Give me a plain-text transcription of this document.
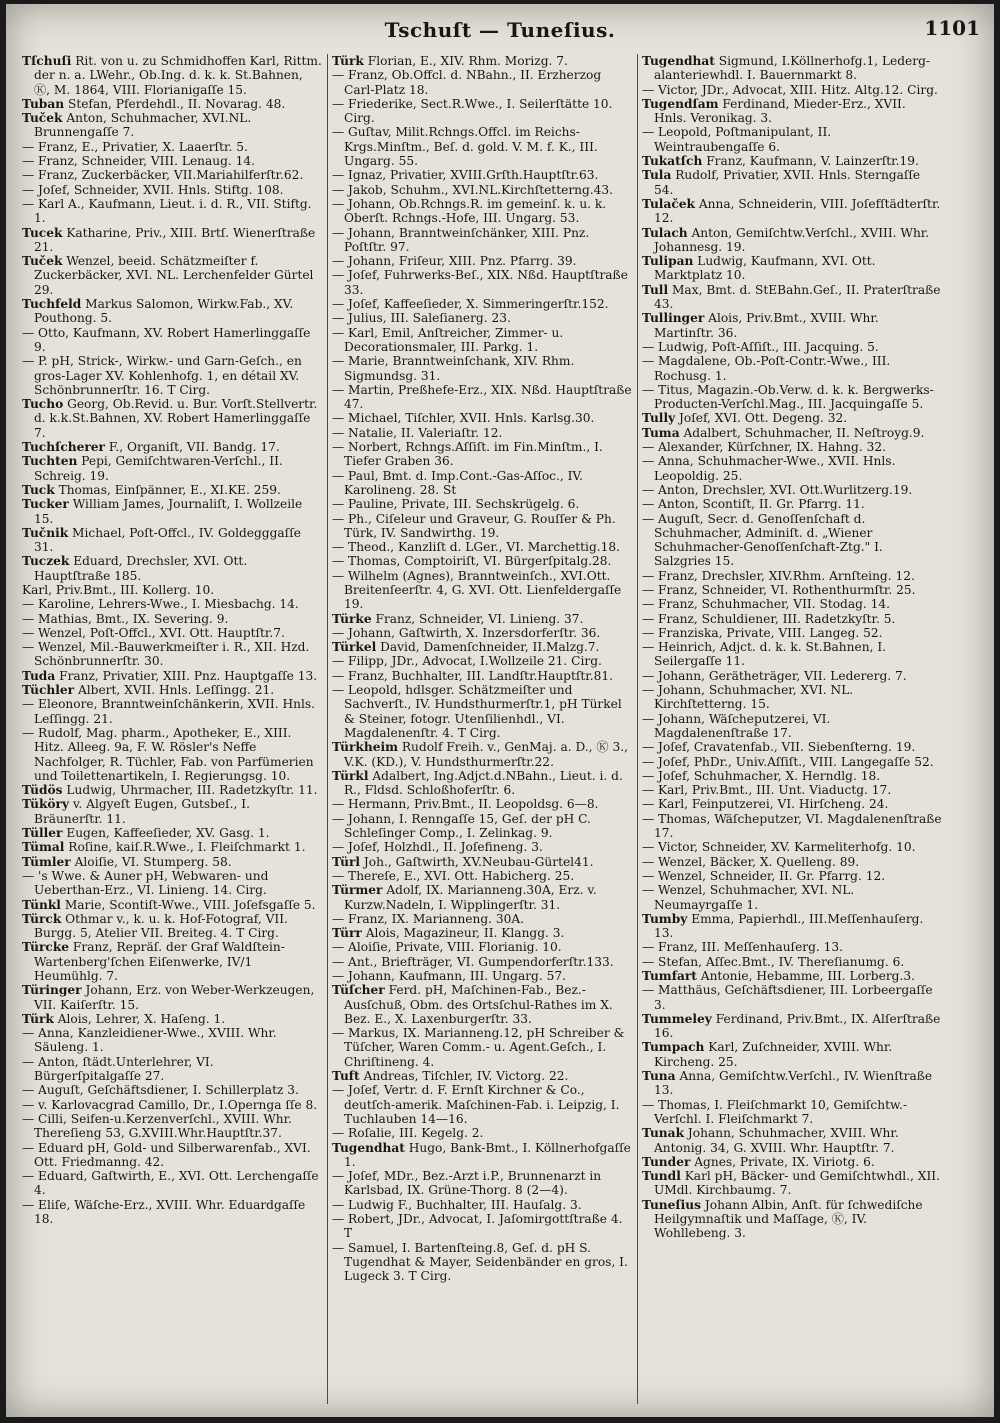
Tschuſt — Tuneſius.	1101

Tſchuſi Rit. von u. zu Schmidhoffen Karl, Rittm. der n. a. LWehr., Ob.Ing. d. k. k. St.Bahnen, Ⓚ, M. 1864, VIII. Florianigaſſe 15.

Tuban Stefan, Pferdehdl., II. Novarag. 48.

Tuček Anton, Schuhmacher, XVI.NL. Brunnengaſſe 7.

— Franz, E., Privatier, X. Laaerſtr. 5.

— Franz, Schneider, VIII. Lenaug. 14.

— Franz, Zuckerbäcker, VII.Mariahilferſtr.62.

— Joſef, Schneider, XVII. Hnls. Stiftg. 108.

— Karl A., Kaufmann, Lieut. i. d. R., VII. Stiftg. 1.

Tucek Katharine, Priv., XIII. Brtſ. Wienerſtraße 21.

Tuček Wenzel, beeid. Schätzmeiſter f. Zuckerbäcker, XVI. NL. Lerchenfelder Gürtel 29.

Tuchfeld Markus Salomon, Wirkw.Fab., XV. Pouthong. 5.

— Otto, Kaufmann, XV. Robert Hamerlinggaſſe 9.

— P. pH, Strick-, Wirkw.- und Garn-Geſch., en gros-Lager XV. Kohlenhofg. 1, en détail XV. Schönbrunnerſtr. 16. T Cirg.

Tucho Georg, Ob.Revid. u. Bur. Vorſt.Stellvertr. d. k.k.St.Bahnen, XV. Robert Hamerlinggaſſe 7.

Tuchſcherer F., Organiſt, VII. Bandg. 17.

Tuchten Pepi, Gemiſchtwaren-Verſchl., II. Schreig. 19.

Tuck Thomas, Einſpänner, E., XI.KE. 259.

Tucker William James, Journaliſt, I. Wollzeile 15.

Tučnik Michael, Poſt-Offcl., IV. Goldegggaſſe 31.

Tuczek Eduard, Drechsler, XVI. Ott. Hauptſtraße 185.

Karl, Priv.Bmt., III. Kollerg. 10.

— Karoline, Lehrers-Wwe., I. Miesbachg. 14.

— Mathias, Bmt., IX. Severing. 9.

— Wenzel, Poſt-Offcl., XVI. Ott. Hauptſtr.7.

— Wenzel, Mil.-Bauwerkmeiſter i. R., XII. Hzd. Schönbrunnerſtr. 30.

Tuda Franz, Privatier, XIII. Pnz. Hauptgaſſe 13.

Tüchler Albert, XVII. Hnls. Leſſingg. 21.

— Eleonore, Branntweinſchänkerin, XVII. Hnls. Leſſingg. 21.

— Rudolf, Mag. pharm., Apotheker, E., XIII. Hitz. Alleeg. 9a, F. W. Rösler's Neffe Nachfolger, R. Tüchler, Fab. von Parfümerien und Toilettenartikeln, I. Regierungsg. 10.

Tüdös Ludwig, Uhrmacher, III. Radetzkyſtr. 11.

Tüköry v. Algyeſt Eugen, Gutsbeſ., I. Bräunerſtr. 11.

Tüller Eugen, Kaffeeſieder, XV. Gasg. 1.

Tümal Roſine, kaiſ.R.Wwe., I. Fleiſchmarkt 1.

Tümler Aloiſie, VI. Stumperg. 58.

— 's Wwe. & Auner pH, Webwaren- und Ueberthan-Erz., VI. Linieng. 14. Cirg.

Tünkl Marie, Scontiſt-Wwe., VIII. Joſefsgaſſe 5.

Türck Othmar v., k. u. k. Hof-Fotograf, VII. Burgg. 5, Atelier VII. Breiteg. 4. T Cirg.

Türcke Franz, Repräſ. der Graf Waldſtein-Wartenberg'ſchen Eiſenwerke, IV/1 Heumühlg. 7.

Türinger Johann, Erz. von Weber-Werkzeugen, VII. Kaiſerſtr. 15.

Türk Alois, Lehrer, X. Haſeng. 1.

— Anna, Kanzleidiener-Wwe., XVIII. Whr. Säuleng. 1.

— Anton, ſtädt.Unterlehrer, VI. Bürgerſpitalgaſſe 27.

— Auguſt, Geſchäftsdiener, I. Schillerplatz 3.

— v. Karlovacgrad Camillo, Dr., I.Opernga ſſe 8.

— Cilli, Seifen-u.Kerzenverſchl., XVIII. Whr. Thereſieng 53, G.XVIII.Whr.Hauptſtr.37.

— Eduard pH, Gold- und Silberwarenfab., XVI. Ott. Friedmanng. 42.

— Eduard, Gaſtwirth, E., XVI. Ott. Lerchengaſſe 4.

— Eliſe, Wäſche-Erz., XVIII. Whr. Eduardgaſſe 18.

Türk Florian, E., XIV. Rhm. Morizg. 7.

— Franz, Ob.Offcl. d. NBahn., II. Erzherzog Carl-Platz 18.

— Friederike, Sect.R.Wwe., I. Seilerſtätte 10. Cirg.

— Guſtav, Milit.Rchngs.Offcl. im Reichs-Krgs.Minſtm., Beſ. d. gold. V. M. f. K., III. Ungarg. 55.

— Ignaz, Privatier, XVIII.Grſth.Hauptſtr.63.

— Jakob, Schuhm., XVI.NL.Kirchſtetterng.43.

— Johann, Ob.Rchngs.R. im gemeinſ. k. u. k. Oberſt. Rchngs.-Hofe, III. Ungarg. 53.

— Johann, Branntweinſchänker, XIII. Pnz. Poſtſtr. 97.

— Johann, Friſeur, XIII. Pnz. Pfarrg. 39.

— Joſef, Fuhrwerks-Beſ., XIX. Nßd. Hauptſtraße 33.

— Joſef, Kaffeeſieder, X. Simmeringerſtr.152.

— Julius, III. Saleſianerg. 23.

— Karl, Emil, Anſtreicher, Zimmer- u. Decorationsmaler, III. Parkg. 1.

— Marie, Branntweinſchank, XIV. Rhm. Sigmundsg. 31.

— Martin, Preßhefe-Erz., XIX. Nßd. Hauptſtraße 47.

— Michael, Tiſchler, XVII. Hnls. Karlsg.30.

— Natalie, II. Valeriaſtr. 12.

— Norbert, Rchngs.Aſſiſt. im Fin.Minſtm., I. Tiefer Graben 36.

— Paul, Bmt. d. Imp.Cont.-Gas-Aſſoc., IV. Karolineng. 28. St

— Pauline, Private, III. Sechskrügelg. 6.

— Ph., Ciſeleur und Graveur, G. Rouſſer & Ph. Türk, IV. Sandwirthg. 19.

— Theod., Kanzliſt d. LGer., VI. Marchettig.18.

— Thomas, Comptoiriſt, VI. Bürgerſpitalg.28.

— Wilhelm (Agnes), Branntweinſch., XVI.Ott. Breitenſeerſtr. 4, G. XVI. Ott. Lienfeldergaſſe 19.

Türke Franz, Schneider, VI. Linieng. 37.

— Johann, Gaſtwirth, X. Inzersdorferſtr. 36.

Türkel David, Damenſchneider, II.Malzg.7.

— Filipp, JDr., Advocat, I.Wollzeile 21. Cirg.

— Franz, Buchhalter, III. Landſtr.Hauptſtr.81.

— Leopold, hdlsger. Schätzmeiſter und Sachverſt., IV. Hundsthurmerſtr.1, pH Türkel & Steiner, fotogr. Utenſilienhdl., VI. Magdalenenſtr. 4. T Cirg.

Türkheim Rudolf Freih. v., GenMaj. a. D., Ⓚ 3., V.K. (KD.), V. Hundsthurmerſtr.22.

Türkl Adalbert, Ing.Adjct.d.NBahn., Lieut. i. d. R., Fldsd. Schloßhoferſtr. 6.

— Hermann, Priv.Bmt., II. Leopoldsg. 6—8.

— Johann, I. Renngaſſe 15, Geſ. der pH C. Schleſinger Comp., I. Zelinkag. 9.

— Joſef, Holzhdl., II. Joſefineng. 3.

Türl Joh., Gaſtwirth, XV.Neubau-Gürtel41.

— Thereſe, E., XVI. Ott. Habicherg. 25.

Türmer Adolf, IX. Marianneng.30A, Erz. v. Kurzw.Nadeln, I. Wipplingerſtr. 31.

— Franz, IX. Marianneng. 30A.

Türr Alois, Magazineur, II. Klangg. 3.

— Aloiſie, Private, VIII. Florianig. 10.

— Ant., Briefträger, VI. Gumpendorferſtr.133.

— Johann, Kaufmann, III. Ungarg. 57.

Tüſcher Ferd. pH, Maſchinen-Fab., Bez.-Ausſchuß, Obm. des Ortsſchul-Rathes im X. Bez. E., X. Laxenburgerſtr. 33.

— Markus, IX. Marianneng.12, pH Schreiber & Tüſcher, Waren Comm.- u. Agent.Geſch., I. Chriſtineng. 4.

Tuft Andreas, Tiſchler, IV. Victorg. 22.

— Joſef, Vertr. d. F. Ernſt Kirchner & Co., deutſch-amerik. Maſchinen-Fab. i. Leipzig, I. Tuchlauben 14—16.

— Roſalie, III. Kegelg. 2.

Tugendhat Hugo, Bank-Bmt., I. Köllnerhofgaſſe 1.

— Joſef, MDr., Bez.-Arzt i.P., Brunnenarzt in Karlsbad, IX. Grüne-Thorg. 8 (2—4).

— Ludwig F., Buchhalter, III. Hauſalg. 3.

— Robert, JDr., Advocat, I. Jaſomirgottſtraße 4. T

— Samuel, I. Bartenſteing.8, Geſ. d. pH S. Tugendhat & Mayer, Seidenbänder en gros, I. Lugeck 3. T Cirg.

Tugendhat Sigmund, I.Köllnerhofg.1, Ledergalanteriewhdl. I. Bauernmarkt 8.

— Victor, JDr., Advocat, XIII. Hitz. Altg.12. Cirg.

Tugendſam Ferdinand, Mieder-Erz., XVII. Hnls. Veronikag. 3.

— Leopold, Poſtmanipulant, II. Weintraubengaſſe 6.

Tukatſch Franz, Kaufmann, V. Lainzerſtr.19.

Tula Rudolf, Privatier, XVII. Hnls. Sterngaſſe 54.

Tulaček Anna, Schneiderin, VIII. Joſefſtädterſtr. 12.

Tulach Anton, Gemiſchtw.Verſchl., XVIII. Whr. Johannesg. 19.

Tulipan Ludwig, Kaufmann, XVI. Ott. Marktplatz 10.

Tull Max, Bmt. d. StEBahn.Geſ., II. Praterſtraße 43.

Tullinger Alois, Priv.Bmt., XVIII. Whr. Martinſtr. 36.

— Ludwig, Poſt-Aſſiſt., III. Jacquing. 5.

— Magdalene, Ob.-Poſt-Contr.-Wwe., III. Rochusg. 1.

— Titus, Magazin.-Ob.Verw. d. k. k. Bergwerks-Producten-Verſchl.Mag., III. Jacquingaſſe 5.

Tully Joſef, XVI. Ott. Degeng. 32.

Tuma Adalbert, Schuhmacher, II. Neſtroyg.9.

— Alexander, Kürſchner, IX. Hahng. 32.

— Anna, Schuhmacher-Wwe., XVII. Hnls. Leopoldig. 25.

— Anton, Drechsler, XVI. Ott.Wurlitzerg.19.

— Anton, Scontiſt, II. Gr. Pfarrg. 11.

— Auguſt, Secr. d. Genoſſenſchaft d. Schuhmacher, Adminiſt. d. „Wiener Schuhmacher-Genoſſenſchaft-Ztg." I. Salzgries 15.

— Franz, Drechsler, XIV.Rhm. Arnſteing. 12.

— Franz, Schneider, VI. Rothenthurmſtr. 25.

— Franz, Schuhmacher, VII. Stodag. 14.

— Franz, Schuldiener, III. Radetzkyſtr. 5.

— Franziska, Private, VIII. Langeg. 52.

— Heinrich, Adjct. d. k. k. St.Bahnen, I. Seilergaſſe 11.

— Johann, Gerätheträger, VII. Ledererg. 7.

— Johann, Schuhmacher, XVI. NL. Kirchſtetterng. 15.

— Johann, Wäſcheputzerei, VI. Magdalenenſtraße 17.

— Joſef, Cravatenfab., VII. Siebenſterng. 19.

— Joſef, PhDr., Univ.Aſſiſt., VIII. Langegaſſe 52.

— Joſef, Schuhmacher, X. Herndlg. 18.

— Karl, Priv.Bmt., III. Unt. Viaductg. 17.

— Karl, Feinputzerei, VI. Hirſcheng. 24.

— Thomas, Wäſcheputzer, VI. Magdalenenſtraße 17.

— Victor, Schneider, XV. Karmeliterhofg. 10.

— Wenzel, Bäcker, X. Quelleng. 89.

— Wenzel, Schneider, II. Gr. Pfarrg. 12.

— Wenzel, Schuhmacher, XVI. NL. Neumayrgaſſe 1.

Tumby Emma, Papierhdl., III.Meſſenhauſerg. 13.

— Franz, III. Meſſenhauſerg. 13.

— Stefan, Aſſec.Bmt., IV. Thereſianumg. 6.

Tumfart Antonie, Hebamme, III. Lorberg.3.

— Matthäus, Geſchäftsdiener, III. Lorbeergaſſe 3.

Tummeley Ferdinand, Priv.Bmt., IX. Alſerſtraße 16.

Tumpach Karl, Zuſchneider, XVIII. Whr. Kircheng. 25.

Tuna Anna, Gemiſchtw.Verſchl., IV. Wienſtraße 13.

— Thomas, I. Fleiſchmarkt 10, Gemiſchtw.-Verſchl. I. Fleiſchmarkt 7.

Tunak Johann, Schuhmacher, XVIII. Whr. Antonig. 34, G. XVIII. Whr. Hauptſtr. 7.

Tunder Agnes, Private, IX. Viriotg. 6.

Tundl Karl pH, Bäcker- und Gemiſchtwhdl., XII. UMdl. Kirchbaumg. 7.

Tuneſius Johann Albin, Anſt. für ſchwediſche Heilgymnaſtik und Maſſage, Ⓚ, IV. Wohllebeng. 3.
